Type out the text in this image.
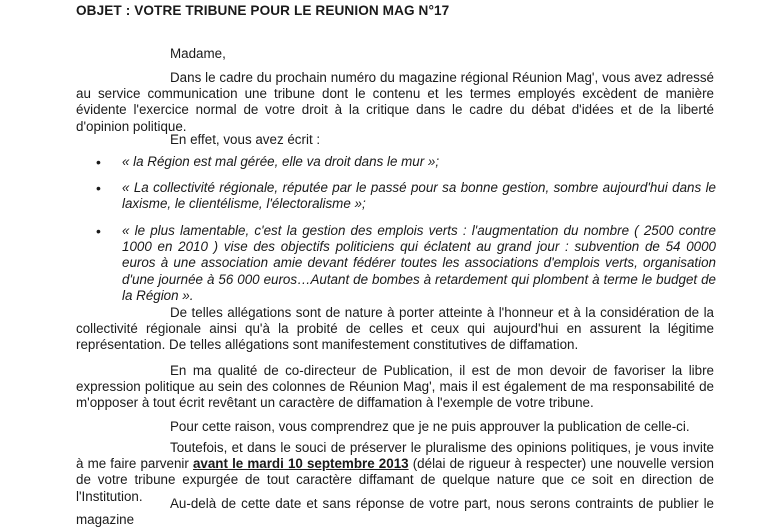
OBJET : VOTRE TRIBUNE POUR LE REUNION MAG N°17
Madame,
Dans le cadre du prochain numéro du magazine régional Réunion Mag', vous avez adressé au service communication une tribune dont le contenu et les termes employés excèdent de manière évidente l'exercice normal de votre droit à la critique dans le cadre du débat d'idées et de la liberté d'opinion politique.
En effet, vous avez écrit :
• « la Région est mal gérée, elle va droit dans le mur »;
• « La collectivité régionale, réputée par le passé pour sa bonne gestion, sombre aujourd'hui dans le laxisme, le clientélisme, l'électoralisme »;
• « le plus lamentable, c'est la gestion des emplois verts : l'augmentation du nombre ( 2500 contre 1000 en 2010 ) vise des objectifs politiciens qui éclatent au grand jour : subvention de 54 0000 euros à une association amie devant fédérer toutes les associations d'emplois verts, organisation d'une journée à 56 000 euros…Autant de bombes à retardement qui plombent à terme le budget de la Région ».
De telles allégations sont de nature à porter atteinte à l'honneur et à la considération de la collectivité régionale ainsi qu'à la probité de celles et ceux qui aujourd'hui en assurent la légitime représentation. De telles allégations sont manifestement constitutives de diffamation.
En ma qualité de co-directeur de Publication, il est de mon devoir de favoriser la libre expression politique au sein des colonnes de Réunion Mag', mais il est également de ma responsabilité de m'opposer à tout écrit revêtant un caractère de diffamation à l'exemple de votre tribune.
Pour cette raison, vous comprendrez que je ne puis approuver la publication de celle-ci.
Toutefois, et dans le souci de préserver le pluralisme des opinions politiques, je vous invite à me faire parvenir avant le mardi 10 septembre 2013 (délai de rigueur à respecter) une nouvelle version de votre tribune expurgée de tout caractère diffamant de quelque nature que ce soit en direction de l'Institution.	Au-delà de cette date et sans réponse de votre part, nous serons contraints de publier le magazine
